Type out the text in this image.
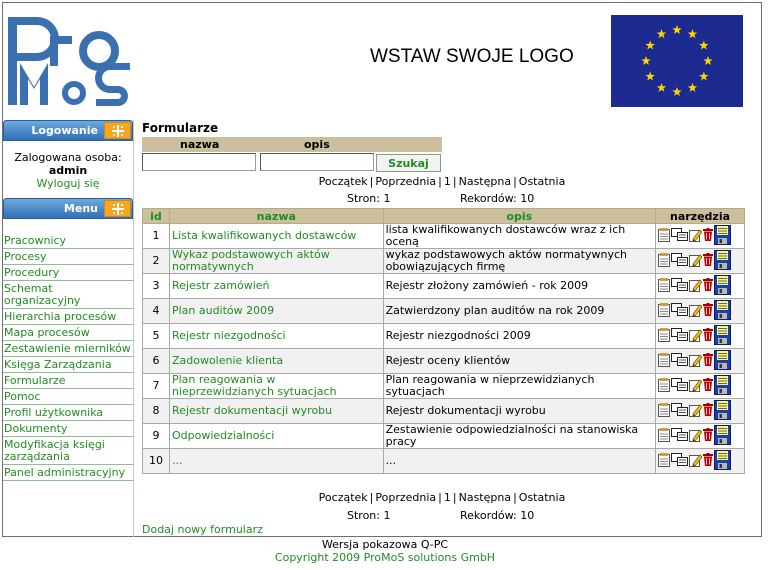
WSTAW SWOJE LOGO
Logowanie
Zalogowana osoba:
admin
Wyloguj się
Menu
Pracownicy
Procesy
Procedury
Schemat organizacyjny
Hierarchia procesów
Mapa procesów
Zestawienie mierników
Księga Zarządzania
Formularze
Pomoc
Profil użytkownika
Dokumenty
Modyfikacja księgi zarządzania
Panel administracyjny
Formularze
nazwa	opis
Szukaj
Początek | Poprzednia | 1 | Następna | Ostatnia
Stron: 1	Rekordów: 10
id	nazwa	opis	narzędzia
1	Lista kwalifikowanych dostawców	lista kwalifikowanych dostawców wraz z ich oceną	
2	Wykaz podstawowych aktów normatywnych	wykaz podstawowych aktów normatywnych obowiązujących firmę	
3	Rejestr zamówień	Rejestr złożony zamówień - rok 2009	
4	Plan auditów 2009	Zatwierdzony plan auditów na rok 2009	
5	Rejestr niezgodności	Rejestr niezgodności 2009	
6	Zadowolenie klienta	Rejestr oceny klientów	
7	Plan reagowania w nieprzewidzianych sytuacjach	Plan reagowania w nieprzewidzianych sytuacjach	
8	Rejestr dokumentacji wyrobu	Rejestr dokumentacji wyrobu	
9	Odpowiedzialności	Zestawienie odpowiedzialności na stanowiska pracy	
10	...	...	
Początek | Poprzednia | 1 | Następna | Ostatnia
Stron: 1	Rekordów: 10
Dodaj nowy formularz
Wersja pokazowa Q-PC
Copyright 2009 ProMoS solutions GmbH
